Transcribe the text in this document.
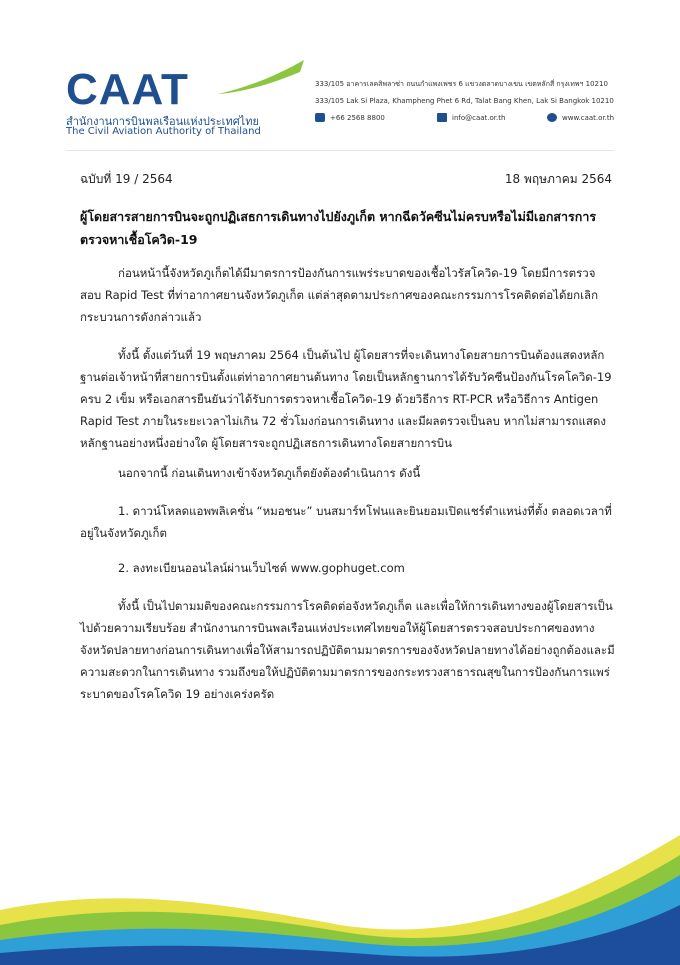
CAAT
สำนักงานการบินพลเรือนแห่งประเทศไทย
The Civil Aviation Authority of Thailand
333/105 อาคารเลคสิพลาซ่า ถนนกำแพงเพชร 6 แขวงตลาดบางเขน เขตหลักสี่ กรุงเทพฯ 10210
333/105 Lak Si Plaza, Khampheng Phet 6 Rd, Talat Bang Khen, Lak Si Bangkok 10210
+66 2568 8800	info@caat.or.th	www.caat.or.th
ฉบับที่ 19 / 2564	18 พฤษภาคม 2564
ผู้โดยสารสายการบินจะถูกปฏิเสธการเดินทางไปยังภูเก็ต หากฉีดวัคซีนไม่ครบหรือไม่มีเอกสารการตรวจหาเชื้อโควิด-19
ก่อนหน้านี้จังหวัดภูเก็ตได้มีมาตรการป้องกันการแพร่ระบาดของเชื้อไวรัสโควิด-19 โดยมีการตรวจสอบ Rapid Test ที่ท่าอากาศยานจังหวัดภูเก็ต แต่ล่าสุดตามประกาศของคณะกรรมการโรคติดต่อได้ยกเลิกกระบวนการดังกล่าวแล้ว
ทั้งนี้ ตั้งแต่วันที่ 19 พฤษภาคม 2564 เป็นต้นไป ผู้โดยสารที่จะเดินทางโดยสายการบินต้องแสดงหลักฐานต่อเจ้าหน้าที่สายการบินตั้งแต่ท่าอากาศยานต้นทาง โดยเป็นหลักฐานการได้รับวัคซีนป้องกันโรคโควิด-19 ครบ 2 เข็ม หรือเอกสารยืนยันว่าได้รับการตรวจหาเชื้อโควิด-19 ด้วยวิธีการ RT-PCR หรือวิธีการ Antigen Rapid Test ภายในระยะเวลาไม่เกิน 72 ชั่วโมงก่อนการเดินทาง และมีผลตรวจเป็นลบ หากไม่สามารถแสดงหลักฐานอย่างหนึ่งอย่างใด ผู้โดยสารจะถูกปฏิเสธการเดินทางโดยสายการบิน
นอกจากนี้ ก่อนเดินทางเข้าจังหวัดภูเก็ตยังต้องดำเนินการ ดังนี้
1. ดาวน์โหลดแอพพลิเคชั่น “หมอชนะ” บนสมาร์ทโฟนและยินยอมเปิดแชร์ตำแหน่งที่ตั้ง ตลอดเวลาที่อยู่ในจังหวัดภูเก็ต
2. ลงทะเบียนออนไลน์ผ่านเว็บไซต์ www.gophuget.com
ทั้งนี้ เป็นไปตามมติของคณะกรรมการโรคติดต่อจังหวัดภูเก็ต และเพื่อให้การเดินทางของผู้โดยสารเป็นไปด้วยความเรียบร้อย สำนักงานการบินพลเรือนแห่งประเทศไทยขอให้ผู้โดยสารตรวจสอบประกาศของทางจังหวัดปลายทางก่อนการเดินทางเพื่อให้สามารถปฏิบัติตามมาตรการของจังหวัดปลายทางได้อย่างถูกต้องและมีความสะดวกในการเดินทาง รวมถึงขอให้ปฏิบัติตามมาตรการของกระทรวงสาธารณสุขในการป้องกันการแพร่ระบาดของโรคโควิด 19 อย่างเคร่งครัด
